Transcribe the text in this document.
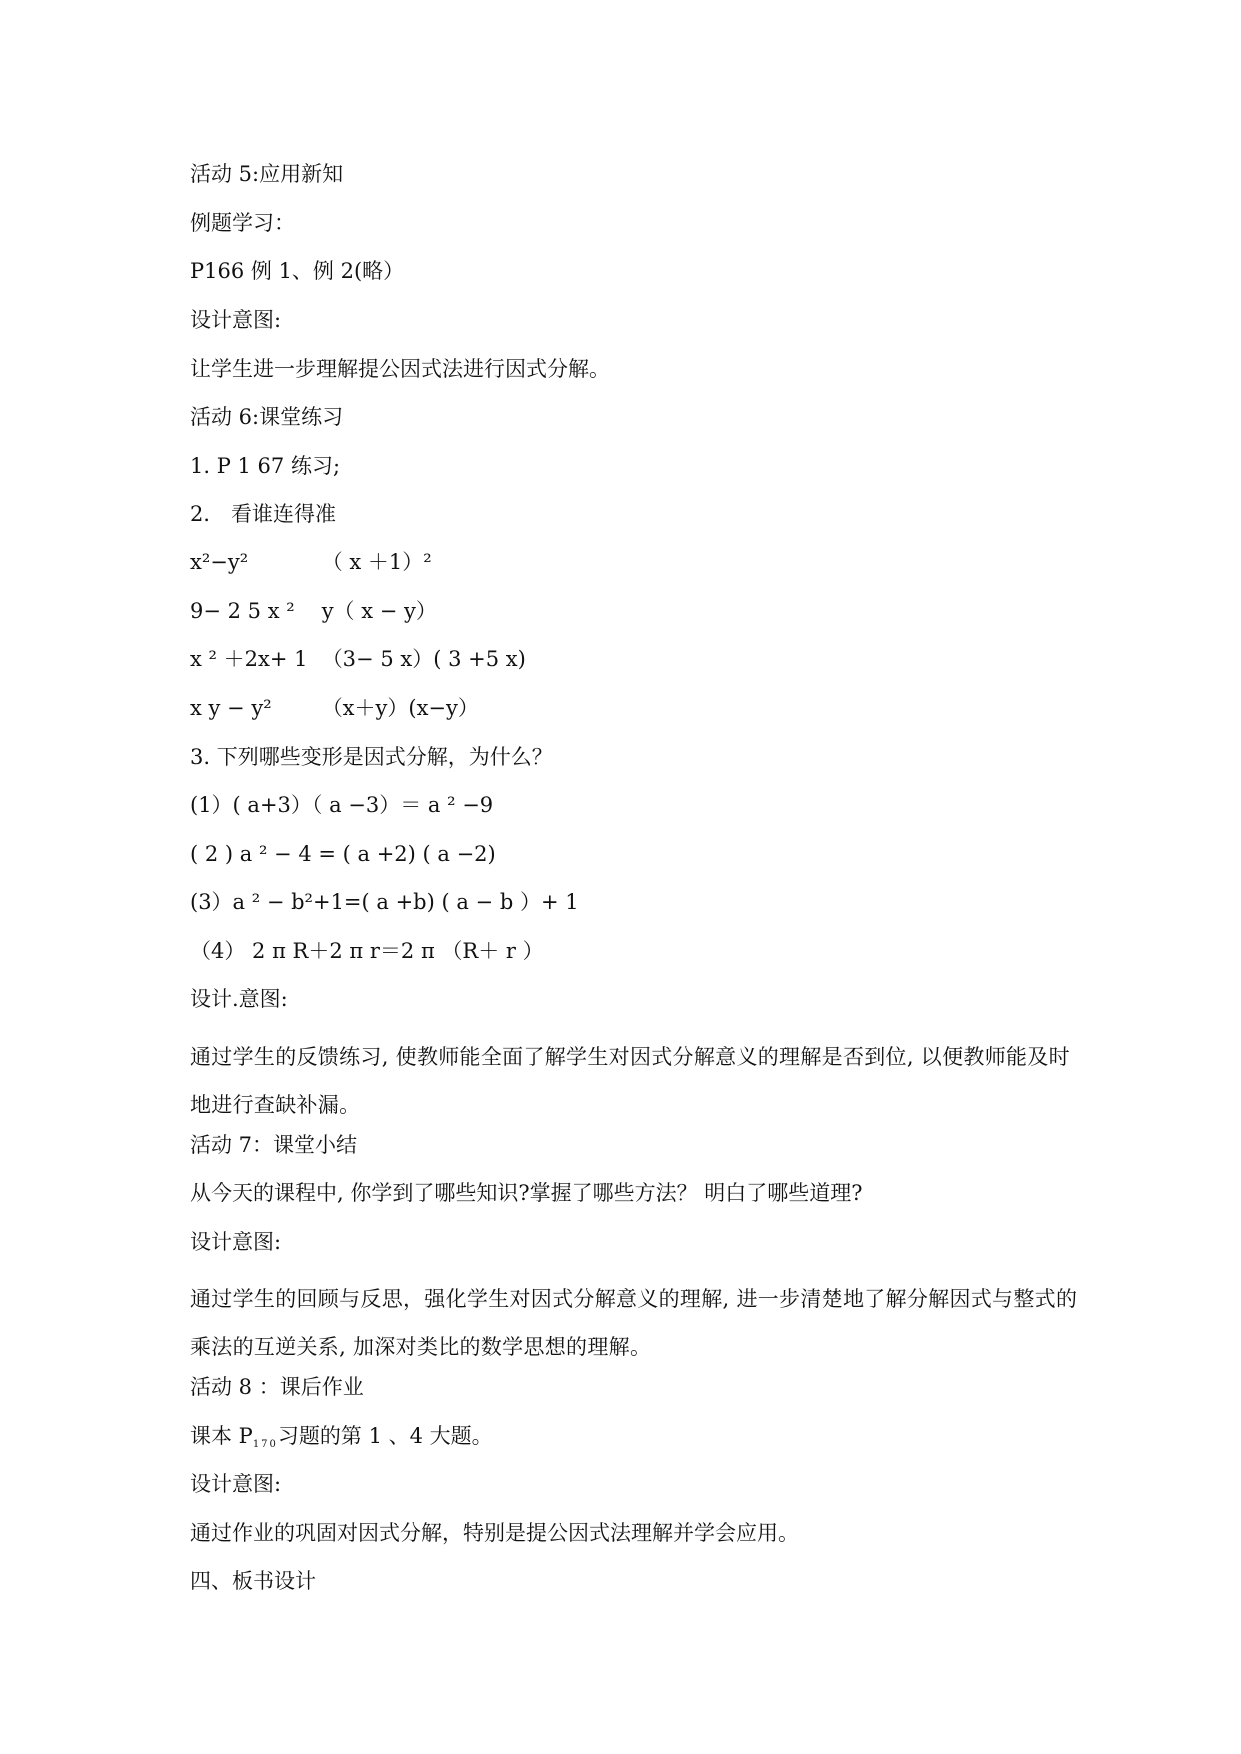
活动 5:应用新知
例题学习：
P166 例 1、例 2(略）
设计意图:
让学生进一步理解提公因式法进行因式分解。
活动 6:课堂练习
1. P 1 67 练习;
2． 看谁连得准
x²−y²	（ x ＋1）²
9− 2 5 x ² y（ x − y）
x ² ＋2x+ 1 （3− 5 x）( 3 +5 x)
x y − y² （x＋y）(x−y）
3. 下列哪些变形是因式分解，为什么？
(1）( a+3）（ a −3）＝ a ² −9
( 2 ) a ² − 4 = ( a +2) ( a −2)
(3）a ² − b²+1=( a +b) ( a − b ）+ 1
（4） 2 π R＋2 π r＝2 π （R＋ r ）
设计.意图:
通过学生的反馈练习, 使教师能全面了解学生对因式分解意义的理解是否到位, 以便教师能及时地进行查缺补漏。
活动 7：课堂小结
从今天的课程中, 你学到了哪些知识?掌握了哪些方法？ 明白了哪些道理?
设计意图:
通过学生的回顾与反思，强化学生对因式分解意义的理解, 进一步清楚地了解分解因式与整式的乘法的互逆关系, 加深对类比的数学思想的理解。
活动 8 ：课后作业
课本 $P_{170}$习题的第 1 、4 大题。
设计意图:
通过作业的巩固对因式分解，特别是提公因式法理解并学会应用。
四、板书设计
